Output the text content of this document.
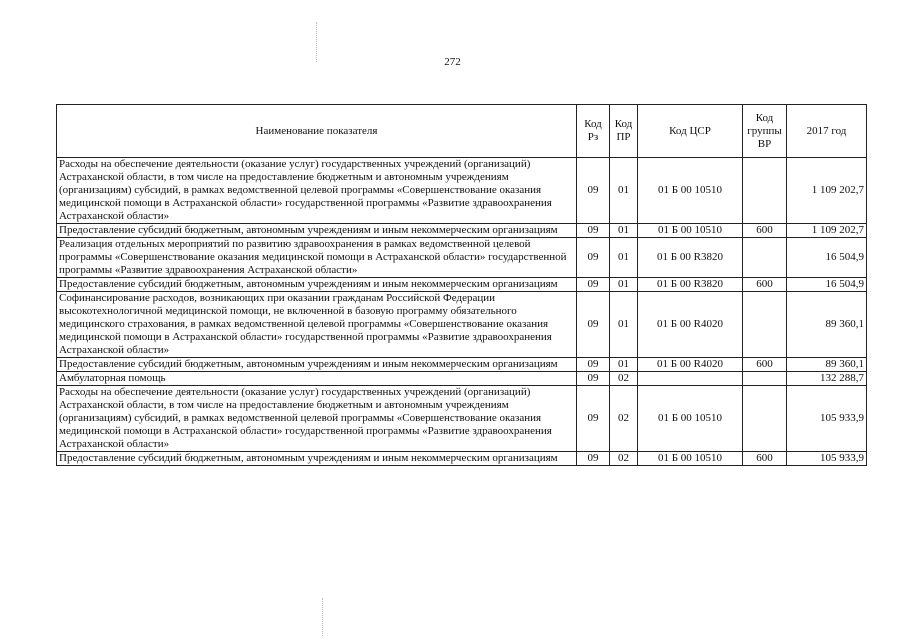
272
Наименование показателя	Код Рз	Код ПР	Код ЦСР	Код группы ВР	2017 год
Расходы на обеспечение деятельности (оказание услуг) государственных учреждений (организаций) Астраханской области, в том числе на предоставление бюджетным и автономным учреждениям (организациям) субсидий, в рамках ведомственной целевой программы «Совершенствование оказания медицинской помощи в Астраханской области» государственной программы «Развитие здравоохранения Астраханской области»	09	01	01 Б 00 10510		1 109 202,7
Предоставление субсидий бюджетным, автономным учреждениям и иным некоммерческим организациям	09	01	01 Б 00 10510	600	1 109 202,7
Реализация отдельных мероприятий по развитию здравоохранения в рамках ведомственной целевой программы «Совершенствование оказания медицинской помощи в Астраханской области» государственной программы «Развитие здравоохранения Астраханской области»	09	01	01 Б 00 R3820		16 504,9
Предоставление субсидий бюджетным, автономным учреждениям и иным некоммерческим организациям	09	01	01 Б 00 R3820	600	16 504,9
Софинансирование расходов, возникающих при оказании гражданам Российской Федерации высокотехнологичной медицинской помощи, не включенной в базовую программу обязательного медицинского страхования, в рамках ведомственной целевой программы «Совершенствование оказания медицинской помощи в Астраханской области» государственной программы «Развитие здравоохранения Астраханской области»	09	01	01 Б 00 R4020		89 360,1
Предоставление субсидий бюджетным, автономным учреждениям и иным некоммерческим организациям	09	01	01 Б 00 R4020	600	89 360,1
Амбулаторная помощь	09	02			132 288,7
Расходы на обеспечение деятельности (оказание услуг) государственных учреждений (организаций) Астраханской области, в том числе на предоставление бюджетным и автономным учреждениям (организациям) субсидий, в рамках ведомственной целевой программы «Совершенствование оказания медицинской помощи в Астраханской области» государственной программы «Развитие здравоохранения Астраханской области»	09	02	01 Б 00 10510		105 933,9
Предоставление субсидий бюджетным, автономным учреждениям и иным некоммерческим организациям	09	02	01 Б 00 10510	600	105 933,9
